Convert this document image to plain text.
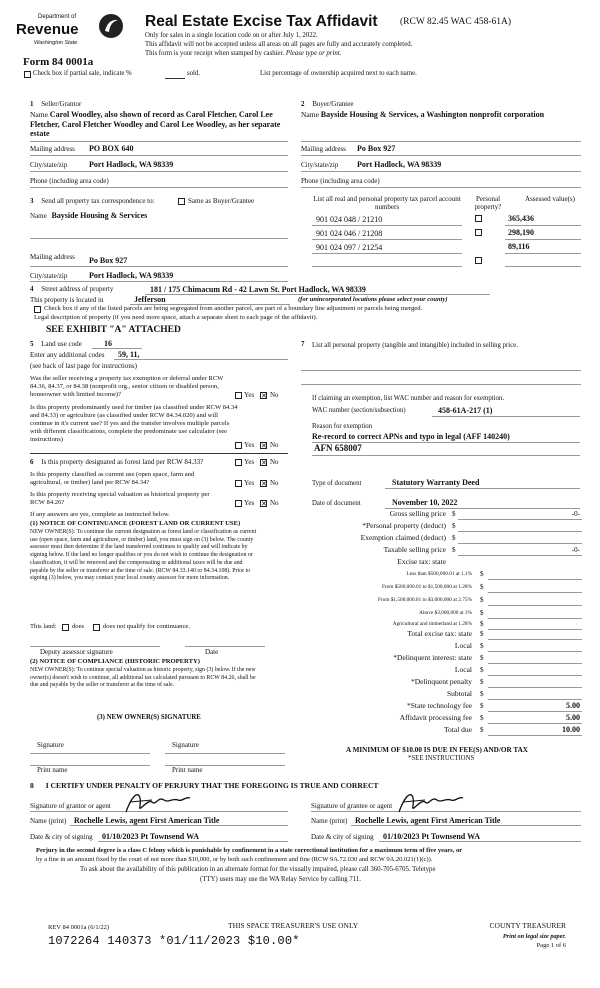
Department of
Revenue
Washington State
Real Estate Excise Tax Affidavit (RCW 82.45 WAC 458-61A)
Only for sales in a single location code on or after July 1, 2022.
This affidavit will not be accepted unless all areas on all pages are fully and accurately completed.
This form is your receipt when stamped by cashier. Please type or print.
Form 84 0001a
Check box if partial sale, indicate %	sold.	List percentage of ownership acquired next to each name.
1 Seller/Grantor
Name Carol Woodley, also shown of record as Carol Fletcher, Carol Lee Fletcher, Carol Fletcher Woodley and Carol Lee Woodley, as her separate estate
Mailing address PO BOX 640
City/state/zip	Port Hadlock, WA 98339
Phone (including area code)
2 Buyer/Grantee
Name Bayside Housing & Services, a Washington nonprofit corporation
Mailing address Po Box 927
City/state/zip Port Hadlock, WA 98339
Phone (including area code)
3 Send all property tax correspondence to:	Same as Buyer/Grantee
Name Bayside Housing & Services
Mailing address Po Box 927
City/state/zip	Port Hadlock, WA 98339
List all real and personal property tax parcel account numbers
Personal property?
Assessed value(s)
901 024 048 / 21210	365,436
901 024 046 / 21208	298,190
901 024 097 / 21254	89,116
4 Street address of property	181 / 175 Chimacum Rd - 42 Lawn St. Port Hadlock, WA 98339
This property is located in	Jefferson	(for unincorporated locations please select your county)
Check box if any of the listed parcels are being segregated from another parcel, are part of a boundary line adjustment or parcels being merged.
Legal description of property (if you need more space, attach a separate sheet to each page of the affidavit).
SEE EXHIBIT "A" ATTACHED
5 Land use code	16
Enter any additional codes 59, 11,
(see back of last page for instructions)
Was the seller receiving a property tax exemption or deferral under RCW 84.36, 84.37, or 84.38 (nonprofit org., senior citizen or disabled person, homeowner with limited income)?	Yes ✕ No
Is this property predominantly used for timber (as classified under RCW 84.34 and 84.33) or agriculture (as classified under RCW 84.34.020) and will continue in it's current use? If yes and the transfer involves multiple parcels with different classifications, complete the predominate use calculator (see instructions)
Yes ✕ No
6 Is this property designated as forest land per RCW 84.33?	Yes ✕ No
Is this property classified as current use (open space, farm and agricultural, or timber) land per RCW 84.34?	Yes ✕ No
Is this property receiving special valuation as historical property per RCW 84.26?	Yes ✕ No
If any answers are yes, complete as instructed below.
(1) NOTICE OF CONTINUANCE (FOREST LAND OR CURRENT USE)
NEW OWNER(S): To continue the current designation as forest land or classification as current use (open space, farm and agriculture, or timber) land, you must sign on (3) below. The county assessor must then determine if the land transferred continues to qualify and will indicate by signing below. If the land no longer qualifies or you do not wish to continue the designation or classification, it will be removed and the compensating or additional taxes will be due and payable by the seller or transferor at the time of sale. (RCW 84.33.140 or 84.34.108). Prior to signing (3) below, you may contact your local county assessor for more information.
This land: does	does not qualify for continuance.
Deputy assessor signature	Date
(2) NOTICE OF COMPLIANCE (HISTORIC PROPERTY)
NEW OWNER(S): To continue special valuation as historic property, sign (3) below. If the new owner(s) doesn't wish to continue, all additional tax calculated pursuant to RCW 84.26, shall be due and payable by the seller or transferor at the time of sale.
(3) NEW OWNER(S) SIGNATURE
Signature	Signature
Print name	Print name
7 List all personal property (tangible and intangible) included in selling price.
If claiming an exemption, list WAC number and reason for exemption.
WAC number (section/subsection)	458-61A-217 (1)
Reason for exemption
Re-record to correct APNs and typo in legal (AFF 140240)
AFN 658007
Type of document	Statutory Warranty Deed
Date of document	November 10, 2022
Gross selling price $	-0-
*Personal property (deduct) $
Exemption claimed (deduct) $
Taxable selling price $	-0-
Excise tax: state
Less than $500,000.01 at 1.1% $
From $500,000.01 to $1,500,000 at 1.28% $
From $1,500,000.01 to $3,000,000 at 2.75% $
Above $3,000,000 at 3% $
Agricultural and timberland at 1.28% $
Total excise tax: state $
Local $
*Delinquent interest: state $
Local $
*Delinquent penalty $
Subtotal $
*State technology fee $	5.00
Affidavit processing fee $	5.00
Total due $	10.00
A MINIMUM OF $10.00 IS DUE IN FEE(S) AND/OR TAX
*SEE INSTRUCTIONS
8 I CERTIFY UNDER PENALTY OF PERJURY THAT THE FOREGOING IS TRUE AND CORRECT
Signature of grantor or agent	Signature of grantee or agent
Name (print) Rochelle Lewis, agent First American Title	Name (print) Rochelle Lewis, agent First American Title
Date & city of signing 01/10/2023 Pt Townsend WA	Date & city of signing 01/10/2023 Pt Townsend WA
Perjury in the second degree is a class C felony which is punishable by confinement in a state correctional institution for a maximum term of five years, or
by a fine in an amount fixed by the court of not more than $10,000, or by both such confinement and fine (RCW 9A.72.030 and RCW 9A.20.021(1)(c)).
To ask about the availability of this publication in an alternate format for the visually impaired, please call 360-705-6705. Teletype
(TTY) users may use the WA Relay Service by calling 711.
REV 84 0001a (6/1/22)	THIS SPACE TREASURER'S USE ONLY	COUNTY TREASURER
Print on legal size paper.
Page 1 of 6
1072264 140373 *01/11/2023 $10.00*
